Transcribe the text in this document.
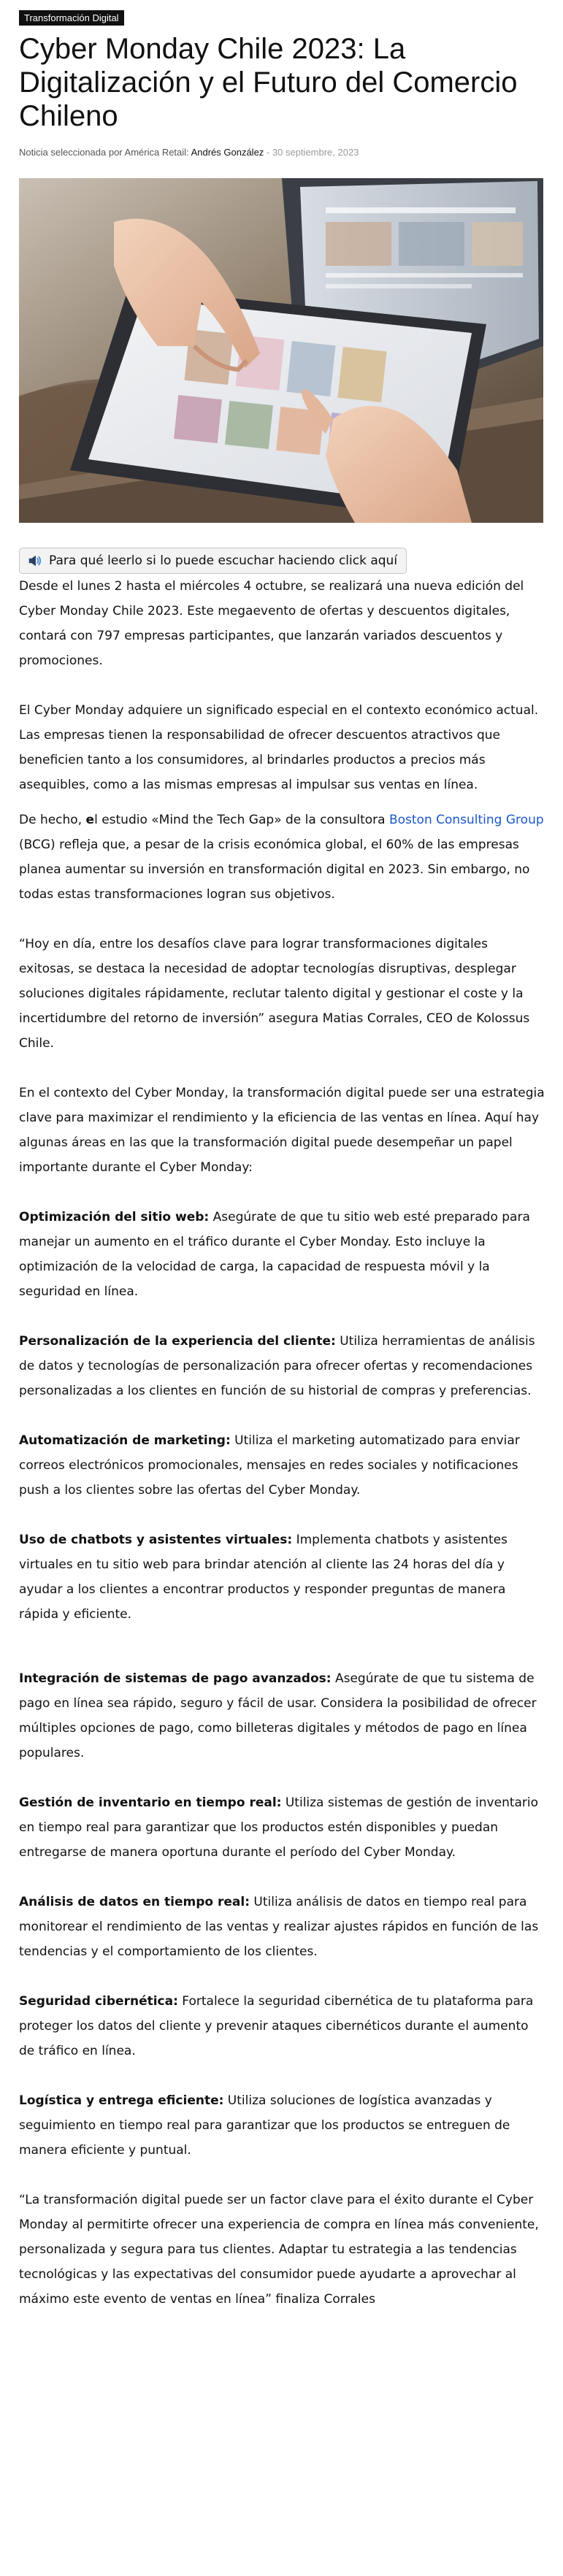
Transformación Digital
Cyber Monday Chile 2023: La Digitalización y el Futuro del Comercio Chileno
Noticia seleccionada por América Retail: Andrés González - 30 septiembre, 2023
Para qué leerlo si lo puede escuchar haciendo click aquí

Desde el lunes 2 hasta el miércoles 4 octubre, se realizará una nueva edición del Cyber Monday Chile 2023. Este megaevento de ofertas y descuentos digitales, contará con 797 empresas participantes, que lanzarán variados descuentos y promociones.

El Cyber Monday adquiere un significado especial en el contexto económico actual. Las empresas tienen la responsabilidad de ofrecer descuentos atractivos que beneficien tanto a los consumidores, al brindarles productos a precios más asequibles, como a las mismas empresas al impulsar sus ventas en línea.

De hecho, el estudio «Mind the Tech Gap» de la consultora Boston Consulting Group (BCG) refleja que, a pesar de la crisis económica global, el 60% de las empresas planea aumentar su inversión en transformación digital en 2023. Sin embargo, no todas estas transformaciones logran sus objetivos.

“Hoy en día, entre los desafíos clave para lograr transformaciones digitales exitosas, se destaca la necesidad de adoptar tecnologías disruptivas, desplegar soluciones digitales rápidamente, reclutar talento digital y gestionar el coste y la incertidumbre del retorno de inversión” asegura Matias Corrales, CEO de Kolossus Chile.

En el contexto del Cyber Monday, la transformación digital puede ser una estrategia clave para maximizar el rendimiento y la eficiencia de las ventas en línea. Aquí hay algunas áreas en las que la transformación digital puede desempeñar un papel importante durante el Cyber Monday:

Optimización del sitio web: Asegúrate de que tu sitio web esté preparado para manejar un aumento en el tráfico durante el Cyber Monday. Esto incluye la optimización de la velocidad de carga, la capacidad de respuesta móvil y la seguridad en línea.

Personalización de la experiencia del cliente: Utiliza herramientas de análisis de datos y tecnologías de personalización para ofrecer ofertas y recomendaciones personalizadas a los clientes en función de su historial de compras y preferencias.

Automatización de marketing: Utiliza el marketing automatizado para enviar correos electrónicos promocionales, mensajes en redes sociales y notificaciones push a los clientes sobre las ofertas del Cyber Monday.

Uso de chatbots y asistentes virtuales: Implementa chatbots y asistentes virtuales en tu sitio web para brindar atención al cliente las 24 horas del día y ayudar a los clientes a encontrar productos y responder preguntas de manera rápida y eficiente.

Integración de sistemas de pago avanzados: Asegúrate de que tu sistema de pago en línea sea rápido, seguro y fácil de usar. Considera la posibilidad de ofrecer múltiples opciones de pago, como billeteras digitales y métodos de pago en línea populares.

Gestión de inventario en tiempo real: Utiliza sistemas de gestión de inventario en tiempo real para garantizar que los productos estén disponibles y puedan entregarse de manera oportuna durante el período del Cyber Monday.

Análisis de datos en tiempo real: Utiliza análisis de datos en tiempo real para monitorear el rendimiento de las ventas y realizar ajustes rápidos en función de las tendencias y el comportamiento de los clientes.

Seguridad cibernética: Fortalece la seguridad cibernética de tu plataforma para proteger los datos del cliente y prevenir ataques cibernéticos durante el aumento de tráfico en línea.

Logística y entrega eficiente: Utiliza soluciones de logística avanzadas y seguimiento en tiempo real para garantizar que los productos se entreguen de manera eficiente y puntual.

“La transformación digital puede ser un factor clave para el éxito durante el Cyber Monday al permitirte ofrecer una experiencia de compra en línea más conveniente, personalizada y segura para tus clientes. Adaptar tu estrategia a las tendencias tecnológicas y las expectativas del consumidor puede ayudarte a aprovechar al máximo este evento de ventas en línea” finaliza Corrales
